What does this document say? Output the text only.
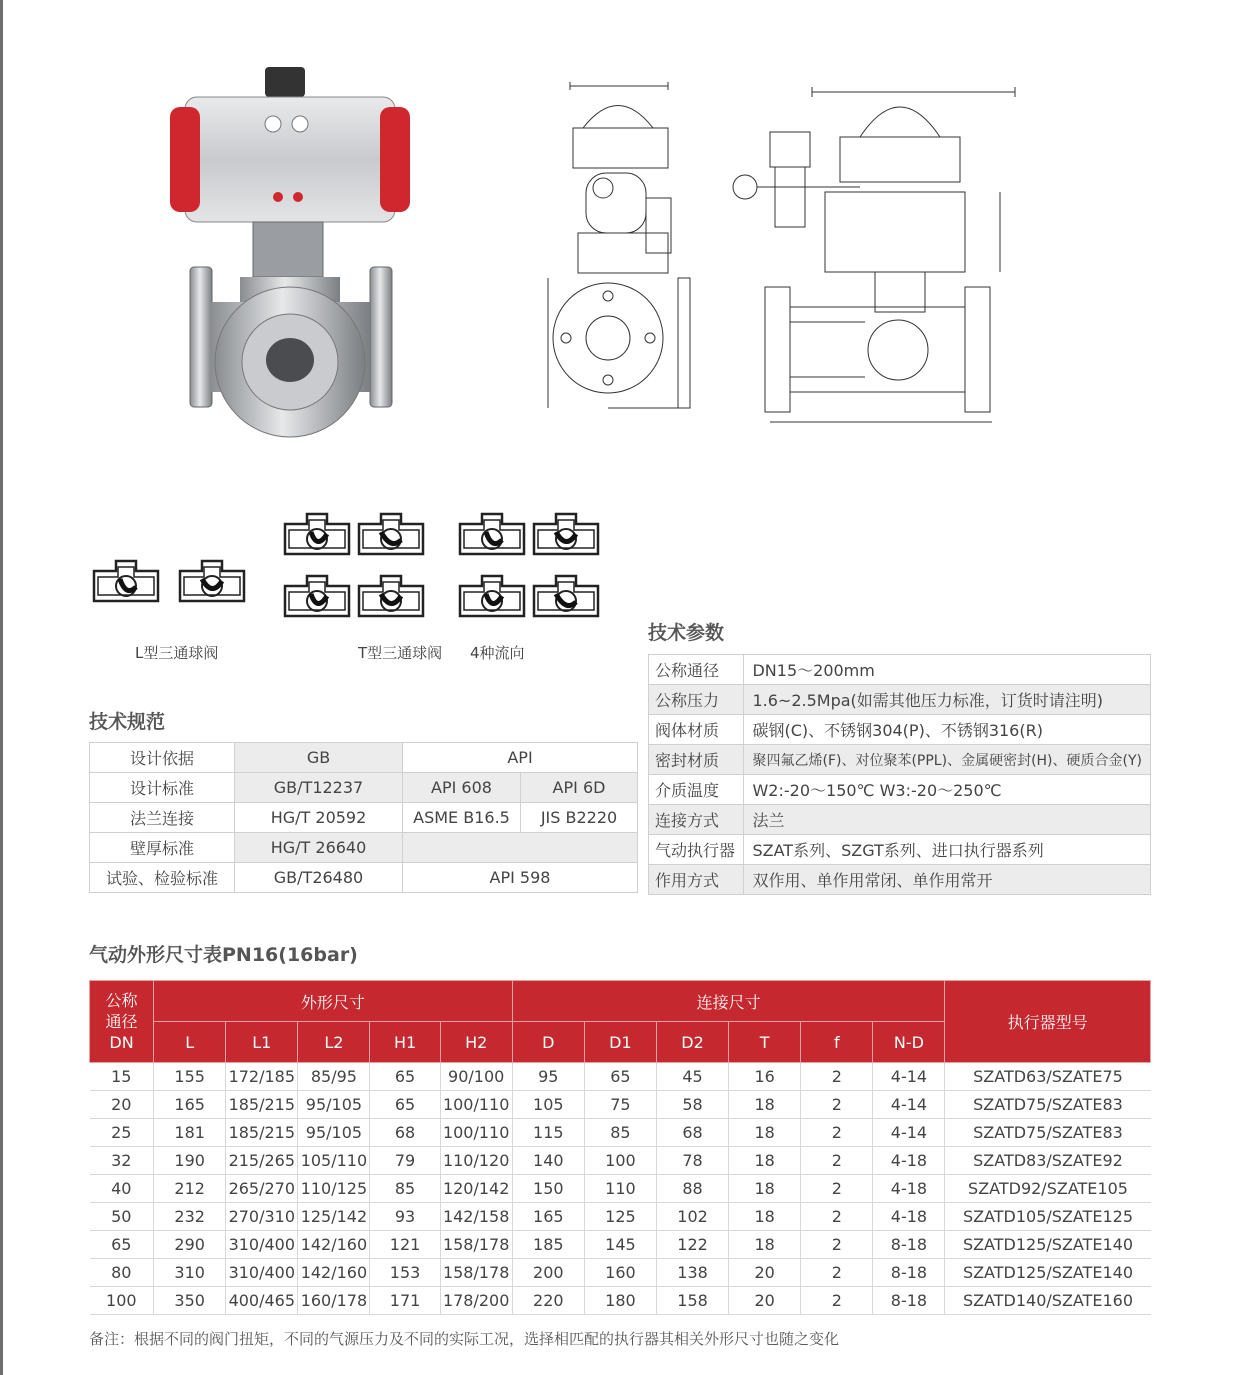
L型三通球阀	T型三通球阀 4种流向
技术规范
设计依据	GB	API	
设计标准	GB/T12237	API 608	API 6D
法兰连接	HG/T 20592	ASME B16.5	JIS B2220
壁厚标准	HG/T 26640		
试验、检验标准	GB/T26480	API 598	
技术参数
公称通径	DN15～200mm
公称压力	1.6~2.5Mpa(如需其他压力标准，订货时请注明)
阀体材质	碳钢(C)、不锈钢304(P)、不锈钢316(R)
密封材质	聚四氟乙烯(F)、对位聚苯(PPL)、金属硬密封(H)、硬质合金(Y)
介质温度	W2:-20～150℃ W3:-20～250℃
连接方式	法兰
气动执行器	SZAT系列、SZGT系列、进口执行器系列
作用方式	双作用、单作用常闭、单作用常开
气动外形尺寸表PN16(16bar)
公称
通径
DN	外形尺寸					连接尺寸						执行器型号
	L	L1	L2	H1	H2	D	D1	D2	T	f	N-D	
15	155	172/185	85/95	65	90/100	95	65	45	16	2	4-14	SZATD63/SZATE75
20	165	185/215	95/105	65	100/110	105	75	58	18	2	4-14	SZATD75/SZATE83
25	181	185/215	95/105	68	100/110	115	85	68	18	2	4-14	SZATD75/SZATE83
32	190	215/265	105/110	79	110/120	140	100	78	18	2	4-18	SZATD83/SZATE92
40	212	265/270	110/125	85	120/142	150	110	88	18	2	4-18	SZATD92/SZATE105
50	232	270/310	125/142	93	142/158	165	125	102	18	2	4-18	SZATD105/SZATE125
65	290	310/400	142/160	121	158/178	185	145	122	18	2	8-18	SZATD125/SZATE140
80	310	310/400	142/160	153	158/178	200	160	138	20	2	8-18	SZATD125/SZATE140
100	350	400/465	160/178	171	178/200	220	180	158	20	2	8-18	SZATD140/SZATE160
备注：根据不同的阀门扭矩，不同的气源压力及不同的实际工况，选择相匹配的执行器其相关外形尺寸也随之变化
